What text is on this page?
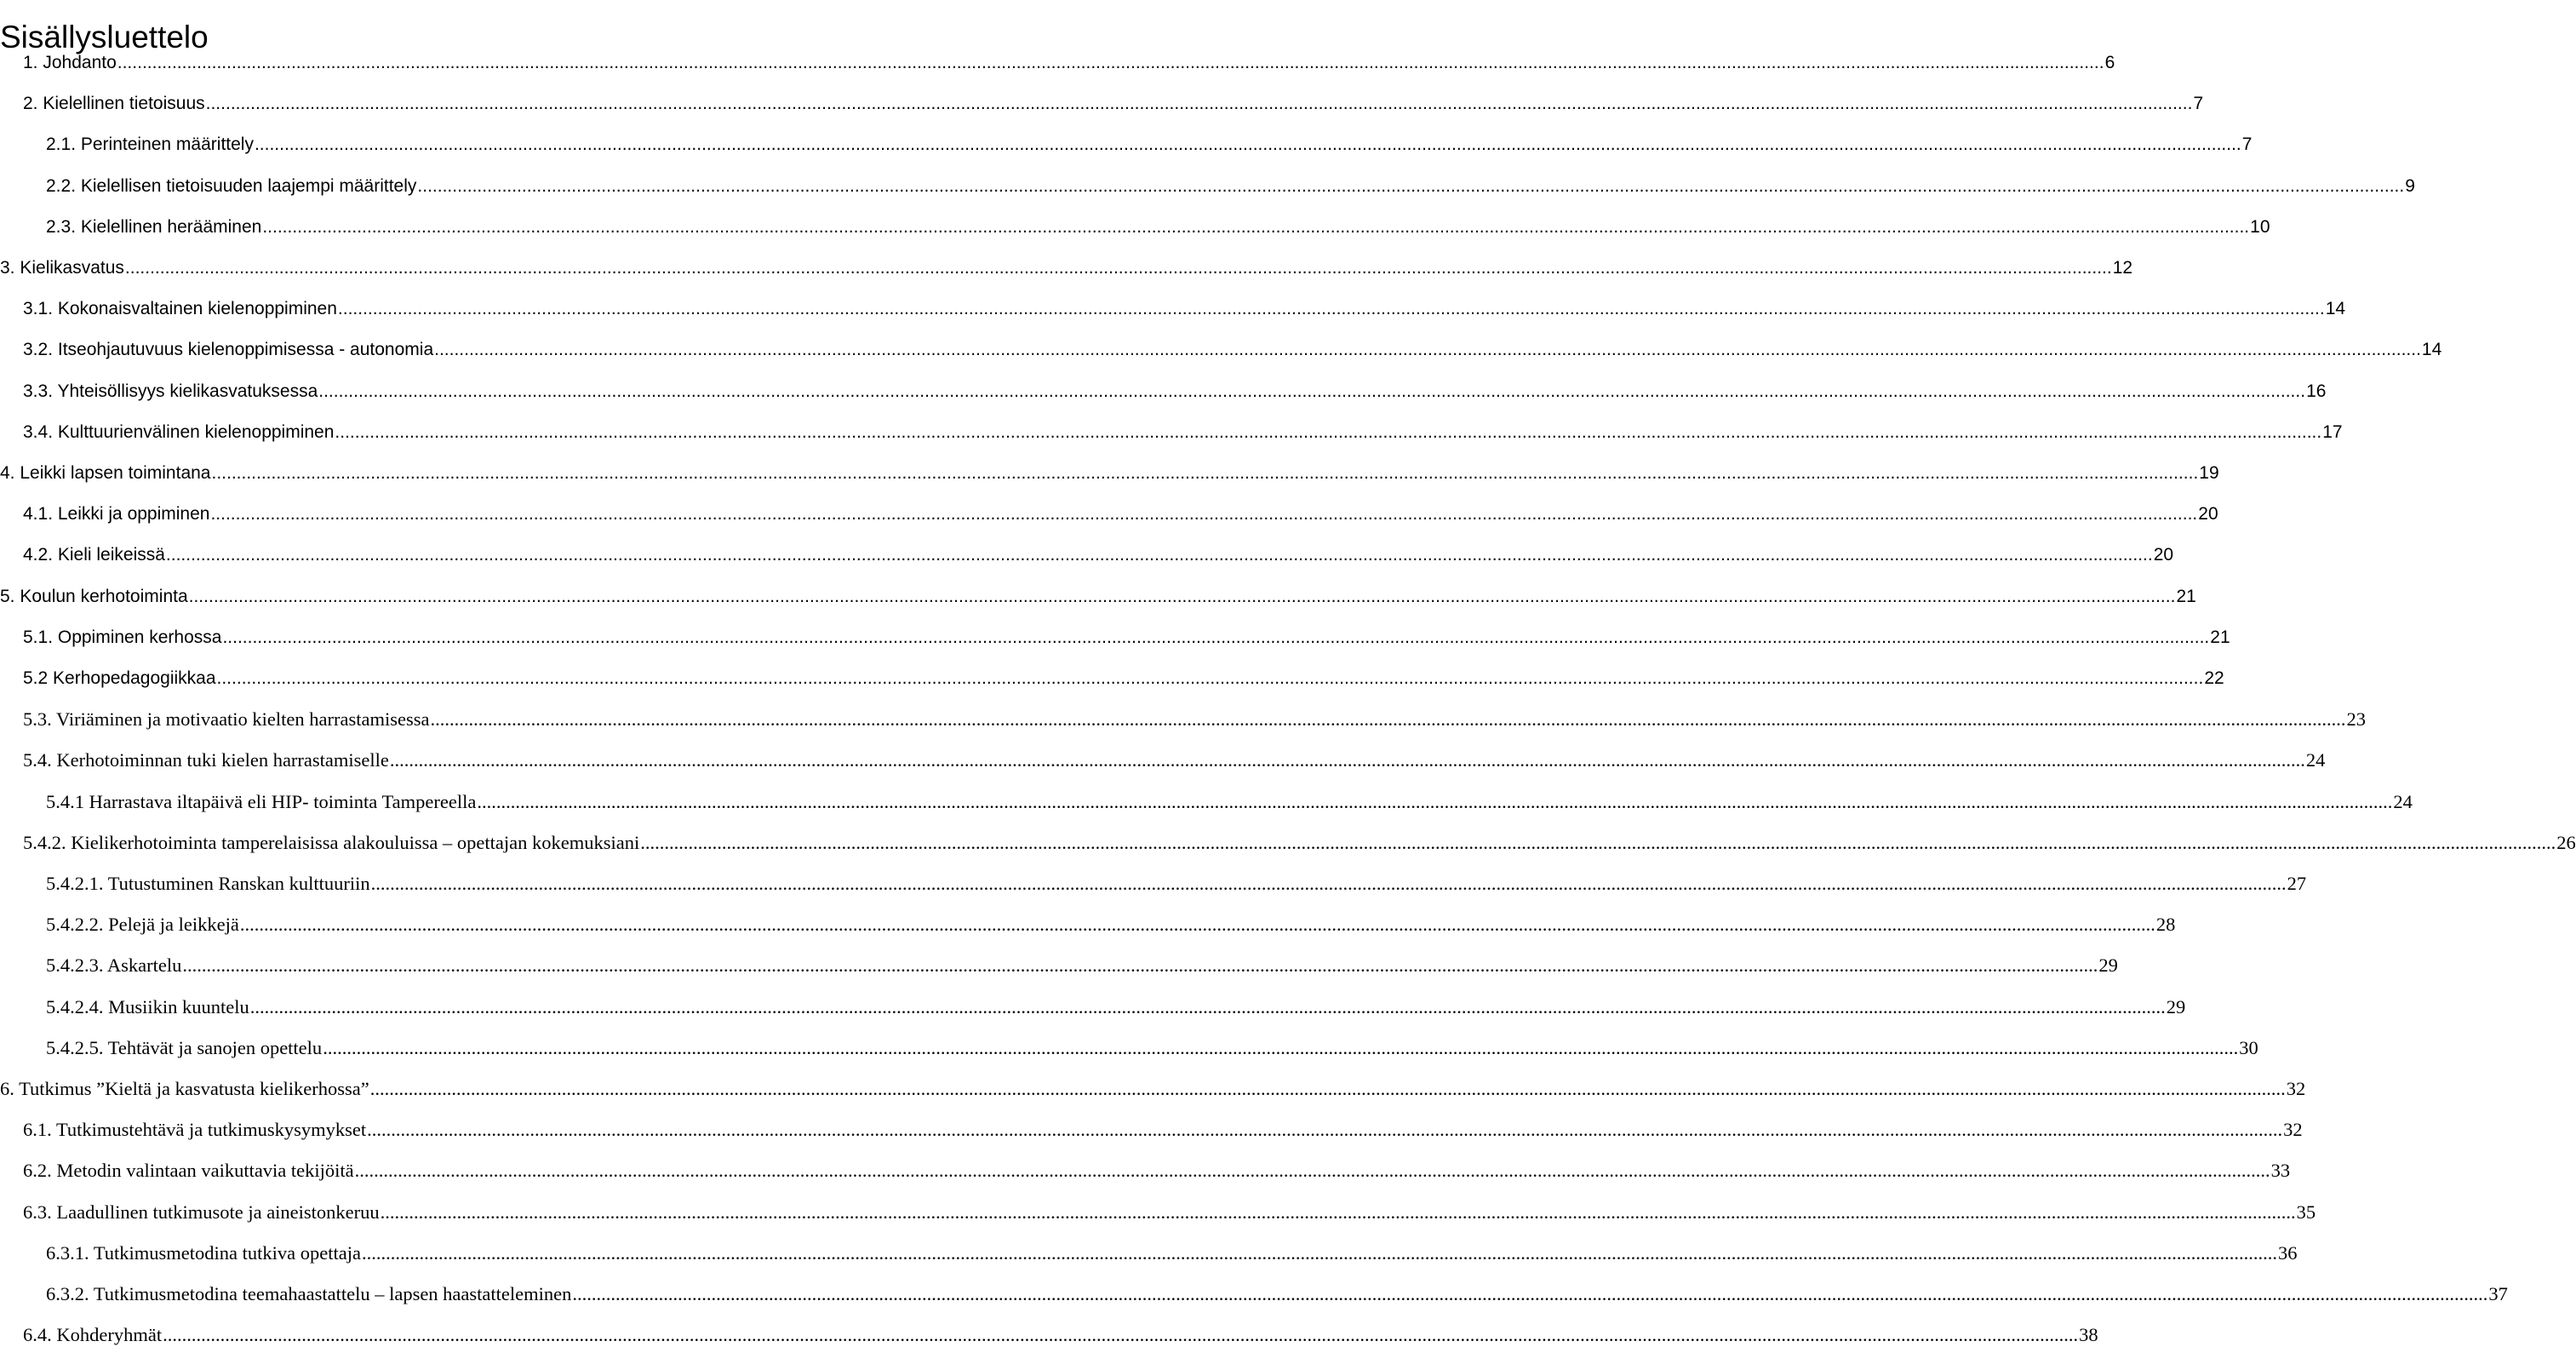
Sisällysluettelo
1. Johdanto ................................................................................................................................................................................................................................................................................................................................................................................................................ 6
2. Kielellinen tietoisuus ................................................................................................................................................................................................................................................................................................................................................................................................................ 7
2.1. Perinteinen määrittely ................................................................................................................................................................................................................................................................................................................................................................................................................ 7
2.2. Kielellisen tietoisuuden laajempi määrittely ................................................................................................................................................................................................................................................................................................................................................................................................................ 9
2.3. Kielellinen herääminen ................................................................................................................................................................................................................................................................................................................................................................................................................ 10
3. Kielikasvatus ................................................................................................................................................................................................................................................................................................................................................................................................................ 12
3.1. Kokonaisvaltainen kielenoppiminen ................................................................................................................................................................................................................................................................................................................................................................................................................ 14
3.2. Itseohjautuvuus kielenoppimisessa - autonomia ................................................................................................................................................................................................................................................................................................................................................................................................................ 14
3.3. Yhteisöllisyys kielikasvatuksessa ................................................................................................................................................................................................................................................................................................................................................................................................................ 16
3.4. Kulttuurienvälinen kielenoppiminen ................................................................................................................................................................................................................................................................................................................................................................................................................ 17
4. Leikki lapsen toimintana ................................................................................................................................................................................................................................................................................................................................................................................................................ 19
4.1. Leikki ja oppiminen ................................................................................................................................................................................................................................................................................................................................................................................................................ 20
4.2. Kieli leikeissä ................................................................................................................................................................................................................................................................................................................................................................................................................ 20
5. Koulun kerhotoiminta ................................................................................................................................................................................................................................................................................................................................................................................................................ 21
5.1. Oppiminen kerhossa ................................................................................................................................................................................................................................................................................................................................................................................................................ 21
5.2 Kerhopedagogiikkaa ................................................................................................................................................................................................................................................................................................................................................................................................................ 22
5.3. Viriäminen ja motivaatio kielten harrastamisessa ................................................................................................................................................................................................................................................................................................................................................................................................................ 23
5.4. Kerhotoiminnan tuki kielen harrastamiselle ................................................................................................................................................................................................................................................................................................................................................................................................................ 24
5.4.1 Harrastava iltapäivä eli HIP- toiminta Tampereella ................................................................................................................................................................................................................................................................................................................................................................................................................ 24
5.4.2. Kielikerhotoiminta tamperelaisissa alakouluissa – opettajan kokemuksiani ................................................................................................................................................................................................................................................................................................................................................................................................................ 26
5.4.2.1. Tutustuminen Ranskan kulttuuriin ................................................................................................................................................................................................................................................................................................................................................................................................................ 27
5.4.2.2. Pelejä ja leikkejä ................................................................................................................................................................................................................................................................................................................................................................................................................ 28
5.4.2.3. Askartelu ................................................................................................................................................................................................................................................................................................................................................................................................................ 29
5.4.2.4. Musiikin kuuntelu ................................................................................................................................................................................................................................................................................................................................................................................................................ 29
5.4.2.5. Tehtävät ja sanojen opettelu ................................................................................................................................................................................................................................................................................................................................................................................................................ 30
6. Tutkimus ”Kieltä ja kasvatusta kielikerhossa” ................................................................................................................................................................................................................................................................................................................................................................................................................ 32
6.1. Tutkimustehtävä ja tutkimuskysymykset ................................................................................................................................................................................................................................................................................................................................................................................................................ 32
6.2. Metodin valintaan vaikuttavia tekijöitä ................................................................................................................................................................................................................................................................................................................................................................................................................ 33
6.3. Laadullinen tutkimusote ja aineistonkeruu ................................................................................................................................................................................................................................................................................................................................................................................................................ 35
6.3.1. Tutkimusmetodina tutkiva opettaja ................................................................................................................................................................................................................................................................................................................................................................................................................ 36
6.3.2. Tutkimusmetodina teemahaastattelu – lapsen haastatteleminen ................................................................................................................................................................................................................................................................................................................................................................................................................ 37
6.4. Kohderyhmät ................................................................................................................................................................................................................................................................................................................................................................................................................ 38
